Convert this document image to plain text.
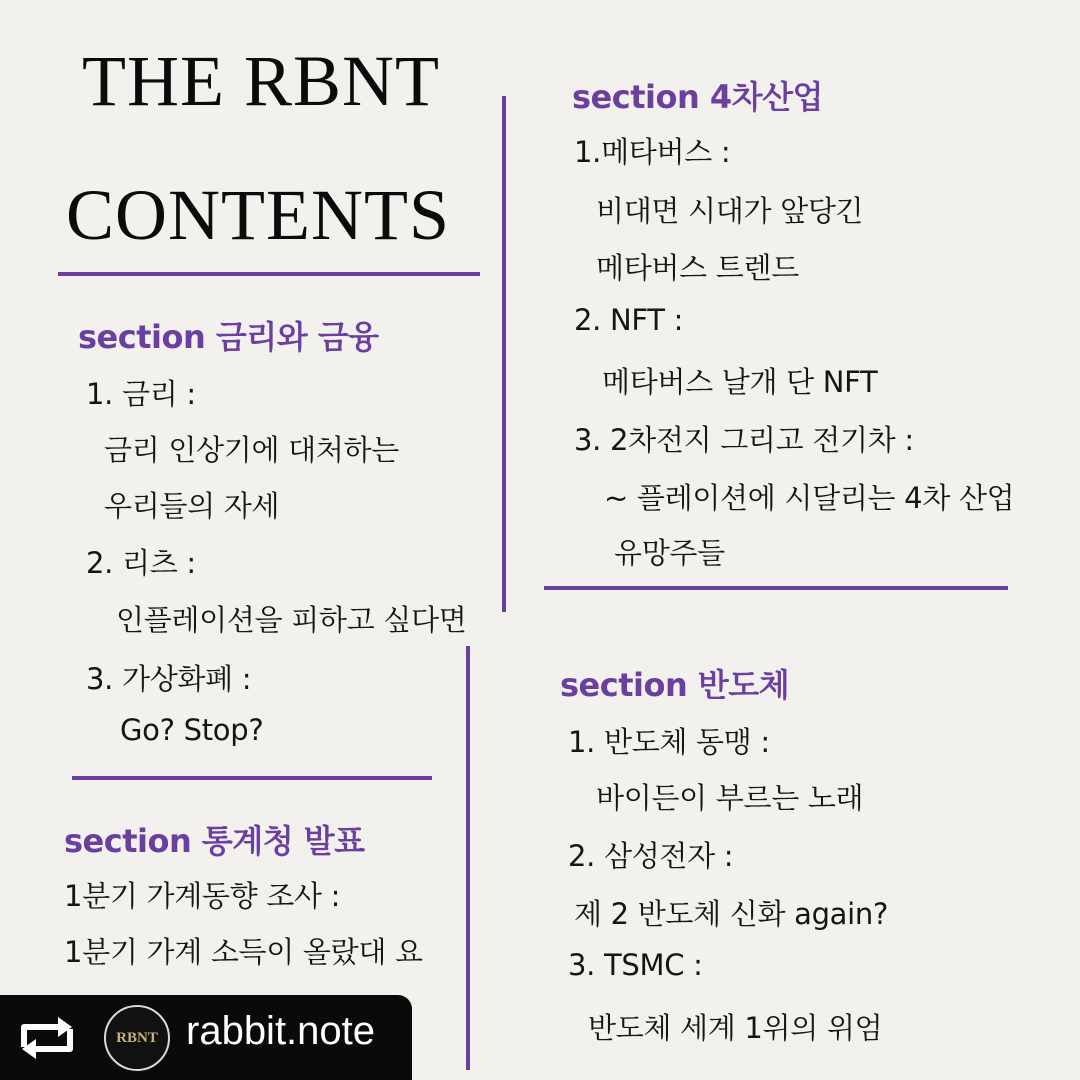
THE RBNT
CONTENTS
section 금리와 금융
1. 금리 :
금리 인상기에 대처하는
우리들의 자세
2. 리츠 :
인플레이션을 피하고 싶다면
3. 가상화폐 :
Go? Stop?
section 통계청 발표
1분기 가계동향 조사 :
1분기 가계 소득이 올랐대 요
section 4차산업
1.메타버스 :
비대면 시대가 앞당긴
메타버스 트렌드
2. NFT :
메타버스 날개 단 NFT
3. 2차전지 그리고 전기차 :
~ 플레이션에 시달리는 4차 산업
유망주들
section 반도체
1. 반도체 동맹 :
바이든이 부르는 노래
2. 삼성전자 :
제 2 반도체 신화 again?
3. TSMC :
반도체 세계 1위의 위엄
RBNT rabbit.note
